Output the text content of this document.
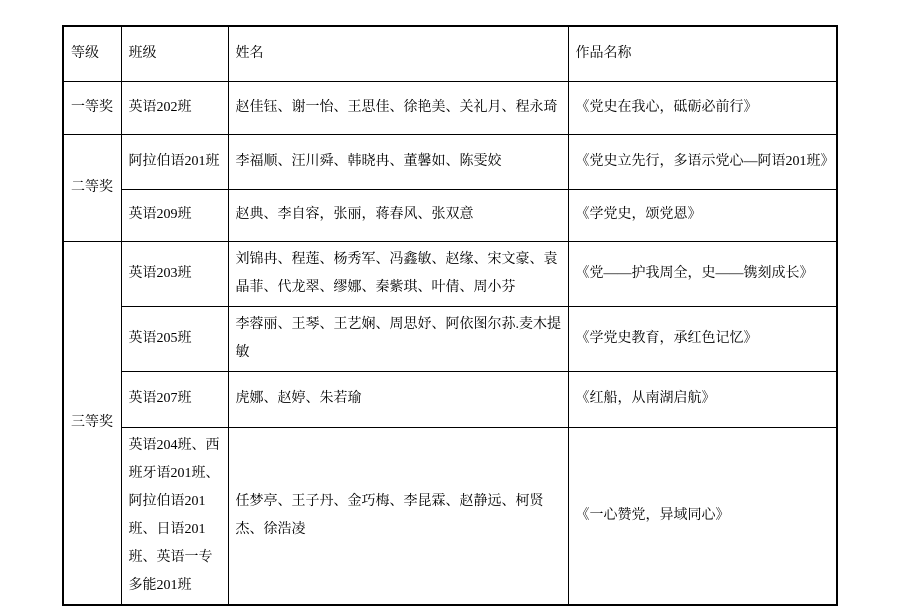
等级	班级	姓名	作品名称
一等奖	英语202班	赵佳钰、谢一怡、王思佳、徐艳美、关礼月、程永琦	《党史在我心，砥砺必前行》
二等奖	阿拉伯语201班	李福顺、汪川舜、韩晓冉、董馨如、陈雯姣	《党史立先行，多语示党心—阿语201班》
	英语209班	赵典、李自容，张丽，蒋春风、张双意	《学党史，颂党恩》
三等奖	英语203班	刘锦冉、程莲、杨秀军、冯鑫敏、赵缘、宋文豪、袁晶菲、代龙翠、缪娜、秦紫琪、叶倩、周小芬	《党——护我周全，史——镌刻成长》
	英语205班	李蓉丽、王琴、王艺娴、周思妤、阿依图尔荪.麦木提敏	《学党史教育，承红色记忆》
	英语207班	虎娜、赵婷、朱若瑜	《红船，从南湖启航》
	英语204班、西班牙语201班、阿拉伯语201班、日语201班、英语一专多能201班	任梦亭、王子丹、金巧梅、李昆霖、赵静远、柯贤杰、徐浩凌	《一心赞党，异域同心》
